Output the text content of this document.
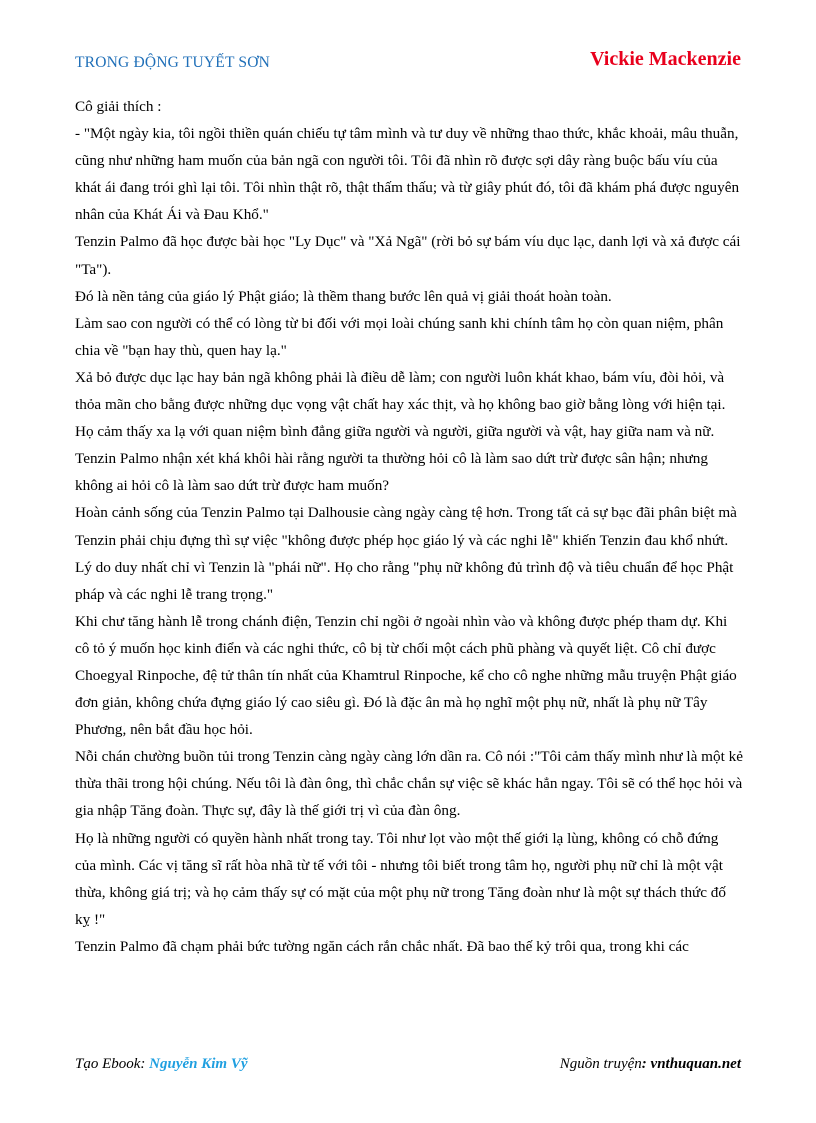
TRONG ĐỘNG TUYẾT SƠN	Vickie Mackenzie

Cô giải thích :

- "Một ngày kia, tôi ngồi thiền quán chiếu tự tâm mình và tư duy về những thao thức, khắc khoải, mâu thuẫn, cũng như những ham muốn của bản ngã con người tôi. Tôi đã nhìn rõ được sợi dây ràng buộc bấu víu của khát ái đang trói ghì lại tôi. Tôi nhìn thật rõ, thật thấm thấu; và từ giây phút đó, tôi đã khám phá được nguyên nhân của Khát Ái và Đau Khổ."

Tenzin Palmo đã học được bài học "Ly Dục" và "Xả Ngã" (rời bỏ sự bám víu dục lạc, danh lợi và xả được cái "Ta").

Đó là nền tảng của giáo lý Phật giáo; là thềm thang bước lên quả vị giải thoát hoàn toàn.

Làm sao con người có thể có lòng từ bi đối với mọi loài chúng sanh khi chính tâm họ còn quan niệm, phân chia về "bạn hay thù, quen hay lạ."

Xả bỏ được dục lạc hay bản ngã không phải là điều dễ làm; con người luôn khát khao, bám víu, đòi hỏi, và thỏa mãn cho bằng được những dục vọng vật chất hay xác thịt, và họ không bao giờ bằng lòng với hiện tại. Họ cảm thấy xa lạ với quan niệm bình đẳng giữa người và người, giữa người và vật, hay giữa nam và nữ.

Tenzin Palmo nhận xét khá khôi hài rằng người ta thường hỏi cô là làm sao dứt trừ được sân hận; nhưng không ai hỏi cô là làm sao dứt trừ được ham muốn?

Hoàn cảnh sống của Tenzin Palmo tại Dalhousie càng ngày càng tệ hơn. Trong tất cả sự bạc đãi phân biệt mà Tenzin phải chịu đựng thì sự việc "không được phép học giáo lý và các nghi lễ" khiến Tenzin đau khổ nhứt.

Lý do duy nhất chỉ vì Tenzin là "phái nữ". Họ cho rằng "phụ nữ không đủ trình độ và tiêu chuẩn để học Phật pháp và các nghi lễ trang trọng."

Khi chư tăng hành lễ trong chánh điện, Tenzin chỉ ngồi ở ngoài nhìn vào và không được phép tham dự. Khi cô tỏ ý muốn học kinh điển và các nghi thức, cô bị từ chối một cách phũ phàng và quyết liệt. Cô chỉ được Choegyal Rinpoche, đệ tử thân tín nhất của Khamtrul Rinpoche, kể cho cô nghe những mẫu truyện Phật giáo đơn giản, không chứa đựng giáo lý cao siêu gì. Đó là đặc ân mà họ nghĩ một phụ nữ, nhất là phụ nữ Tây Phương, nên bắt đầu học hỏi.

Nỗi chán chường buồn tủi trong Tenzin càng ngày càng lớn dần ra. Cô nói :"Tôi cảm thấy mình như là một kẻ thừa thãi trong hội chúng. Nếu tôi là đàn ông, thì chắc chắn sự việc sẽ khác hẳn ngay. Tôi sẽ có thể học hỏi và gia nhập Tăng đoàn. Thực sự, đây là thế giới trị vì của đàn ông.

Họ là những người có quyền hành nhất trong tay. Tôi như lọt vào một thế giới lạ lùng, không có chỗ đứng của mình. Các vị tăng sĩ rất hòa nhã từ tế với tôi - nhưng tôi biết trong tâm họ, người phụ nữ chỉ là một vật thừa, không giá trị; và họ cảm thấy sự có mặt của một phụ nữ trong Tăng đoàn như là một sự thách thức đố kỵ !"

Tenzin Palmo đã chạm phải bức tường ngăn cách rắn chắc nhất. Đã bao thế kỷ trôi qua, trong khi các

Tạo Ebook: Nguyễn Kim Vỹ	Nguồn truyện: vnthuquan.net
